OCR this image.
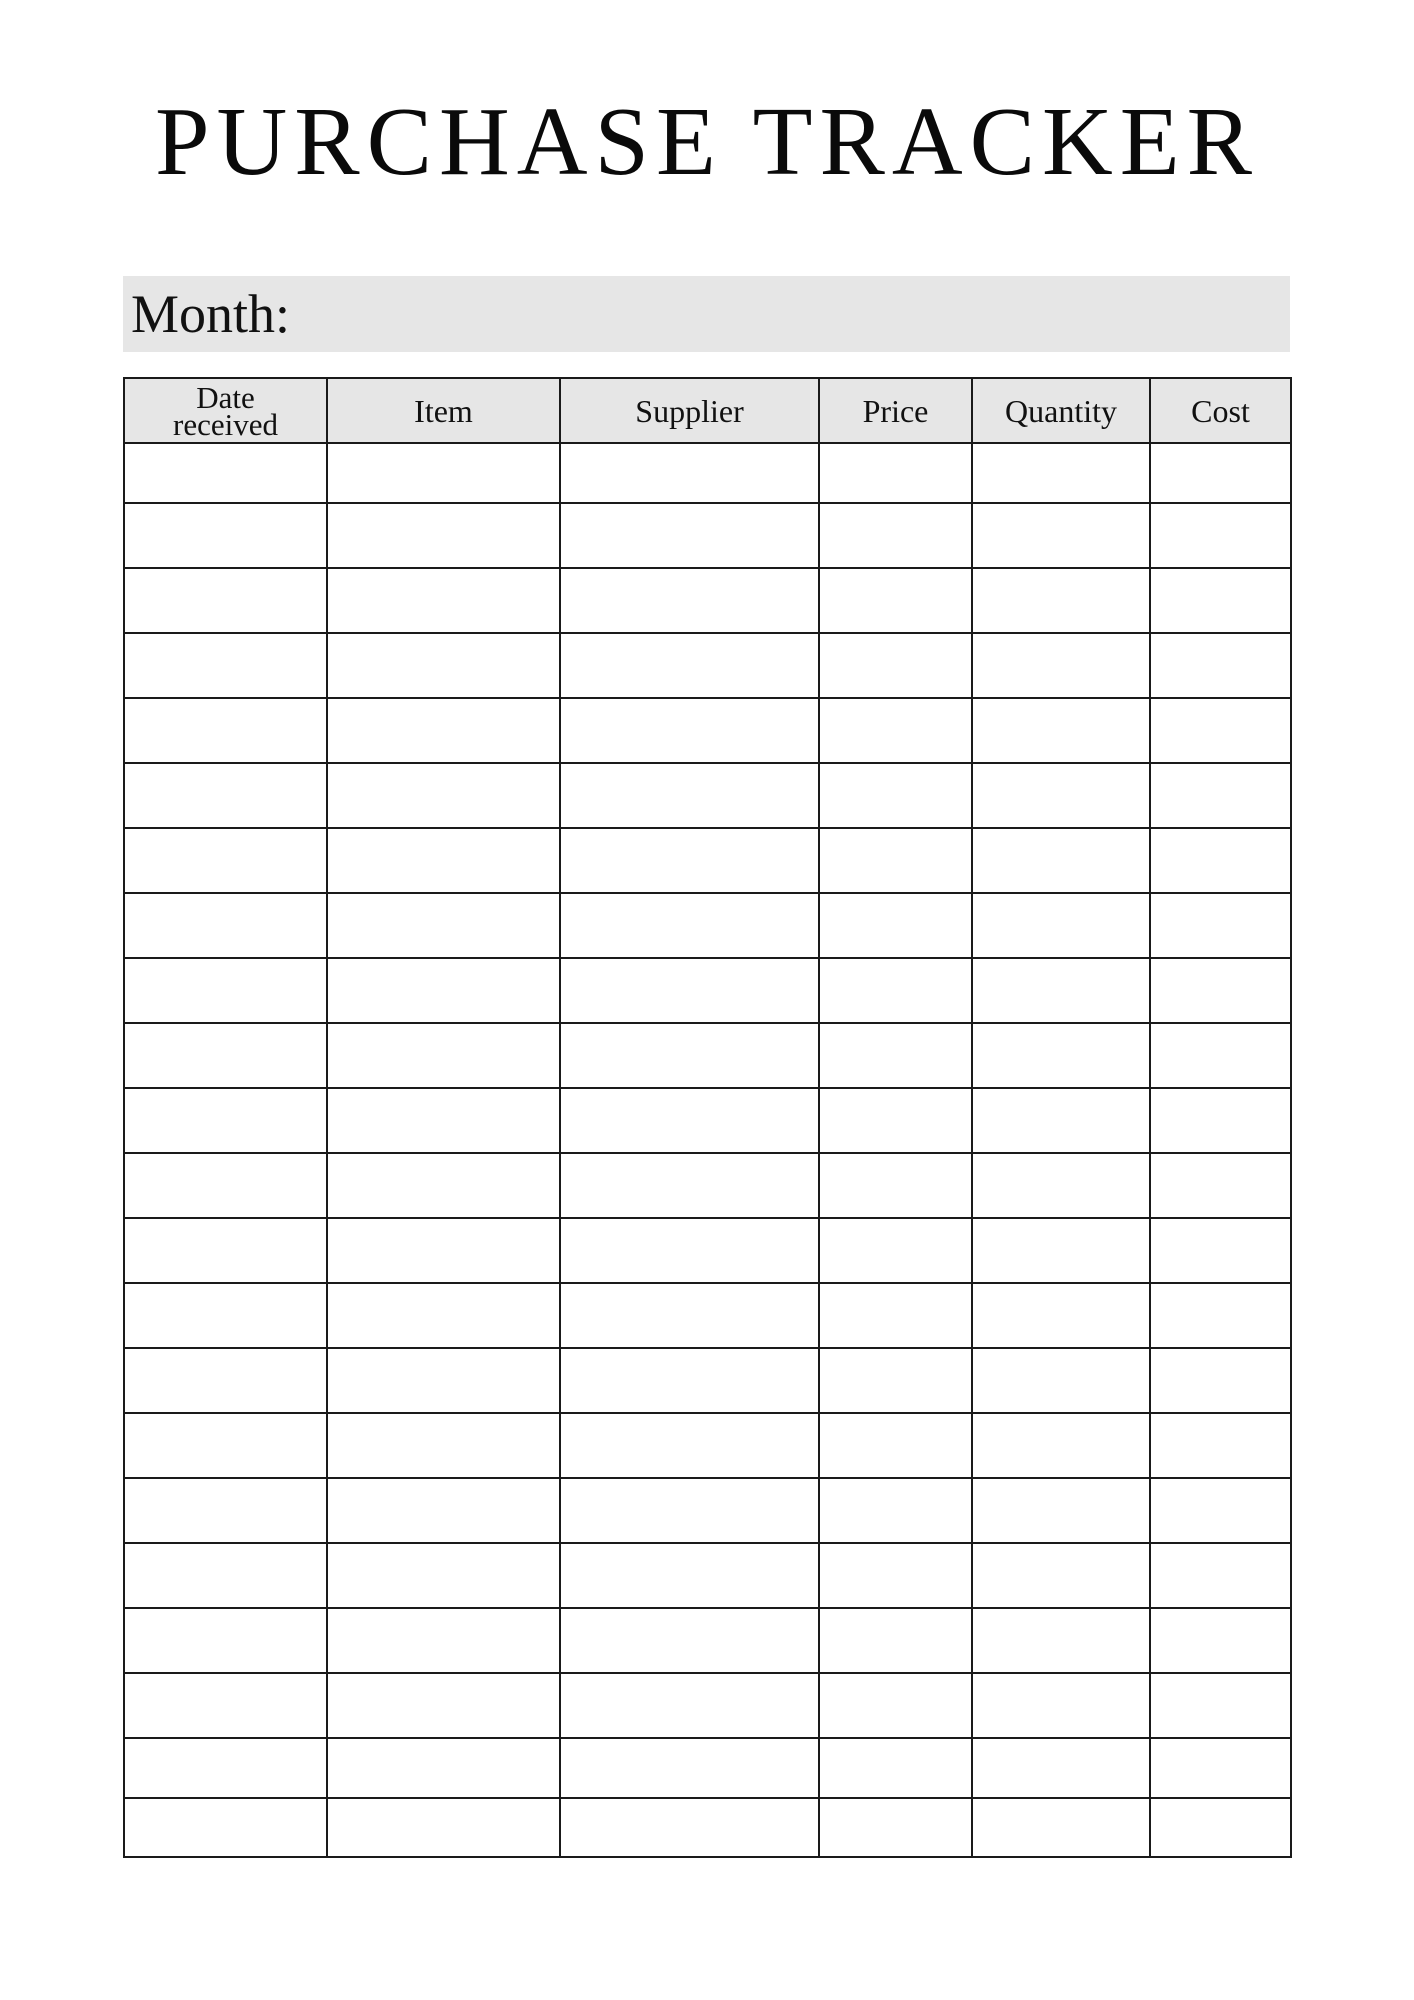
PURCHASE TRACKER
Month:
Date
received	Item	Supplier	Price	Quantity	Cost
